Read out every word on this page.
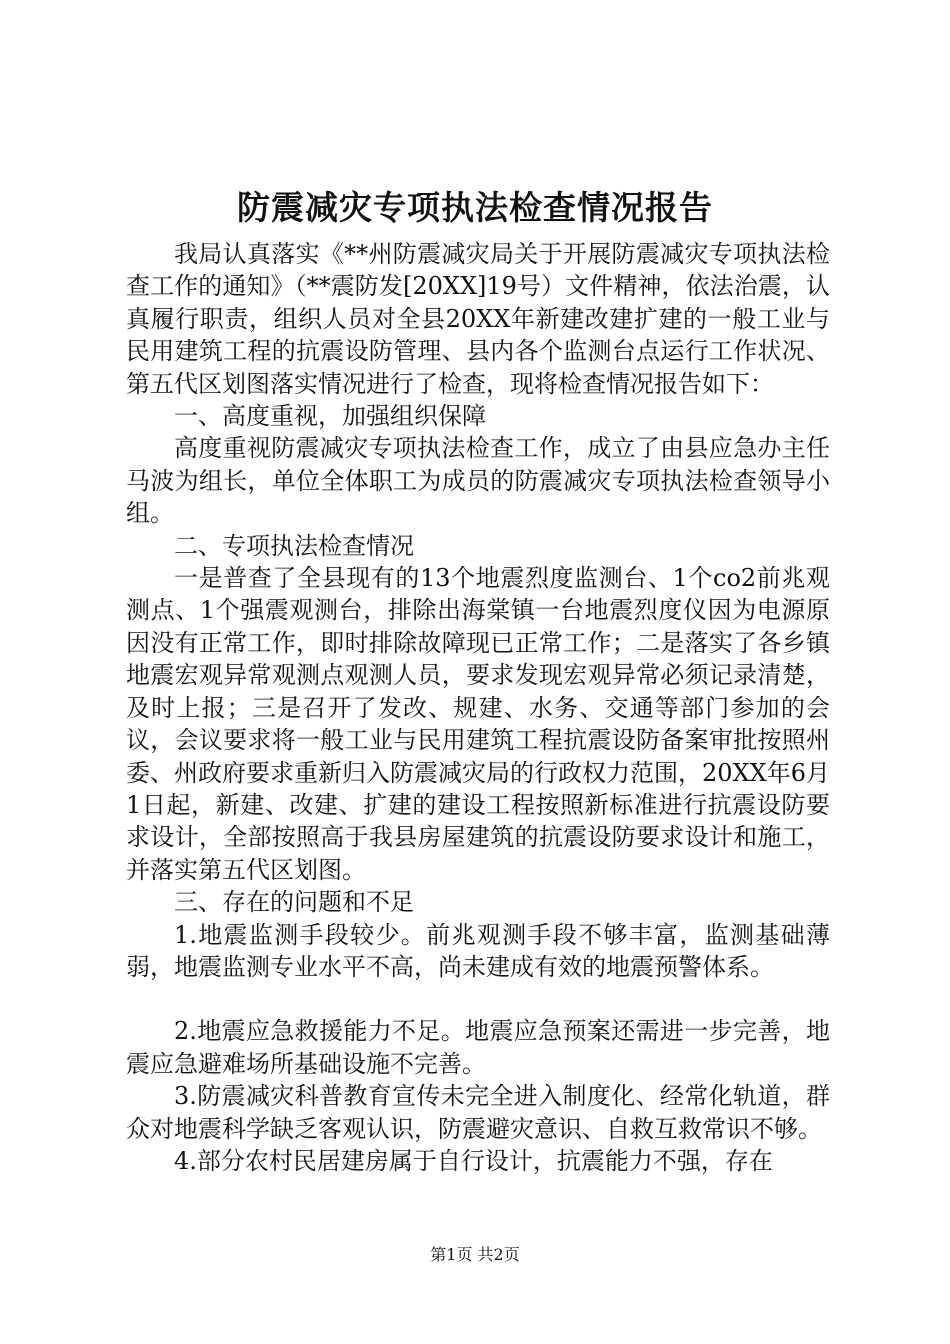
防震减灾专项执法检查情况报告

我局认真落实《**州防震减灾局关于开展防震减灾专项执法检查工作的通知》（**震防发[20XX]19号）文件精神，依法治震，认真履行职责，组织人员对全县20XX年新建改建扩建的一般工业与民用建筑工程的抗震设防管理、县内各个监测台点运行工作状况、第五代区划图落实情况进行了检查，现将检查情况报告如下：

一、高度重视，加强组织保障

高度重视防震减灾专项执法检查工作，成立了由县应急办主任马波为组长，单位全体职工为成员的防震减灾专项执法检查领导小组。

二、专项执法检查情况

一是普查了全县现有的13个地震烈度监测台、1个co2前兆观测点、1个强震观测台，排除出海棠镇一台地震烈度仪因为电源原因没有正常工作，即时排除故障现已正常工作；二是落实了各乡镇地震宏观异常观测点观测人员，要求发现宏观异常必须记录清楚，及时上报；三是召开了发改、规建、水务、交通等部门参加的会议，会议要求将一般工业与民用建筑工程抗震设防备案审批按照州委、州政府要求重新归入防震减灾局的行政权力范围，20XX年6月1日起，新建、改建、扩建的建设工程按照新标准进行抗震设防要求设计，全部按照高于我县房屋建筑的抗震设防要求设计和施工，并落实第五代区划图。

三、存在的问题和不足

1.地震监测手段较少。前兆观测手段不够丰富，监测基础薄弱，地震监测专业水平不高，尚未建成有效的地震预警体系。

2.地震应急救援能力不足。地震应急预案还需进一步完善，地震应急避难场所基础设施不完善。

3.防震减灾科普教育宣传未完全进入制度化、经常化轨道，群众对地震科学缺乏客观认识，防震避灾意识、自救互救常识不够。

4.部分农村民居建房属于自行设计，抗震能力不强，存在

第1页 共2页
